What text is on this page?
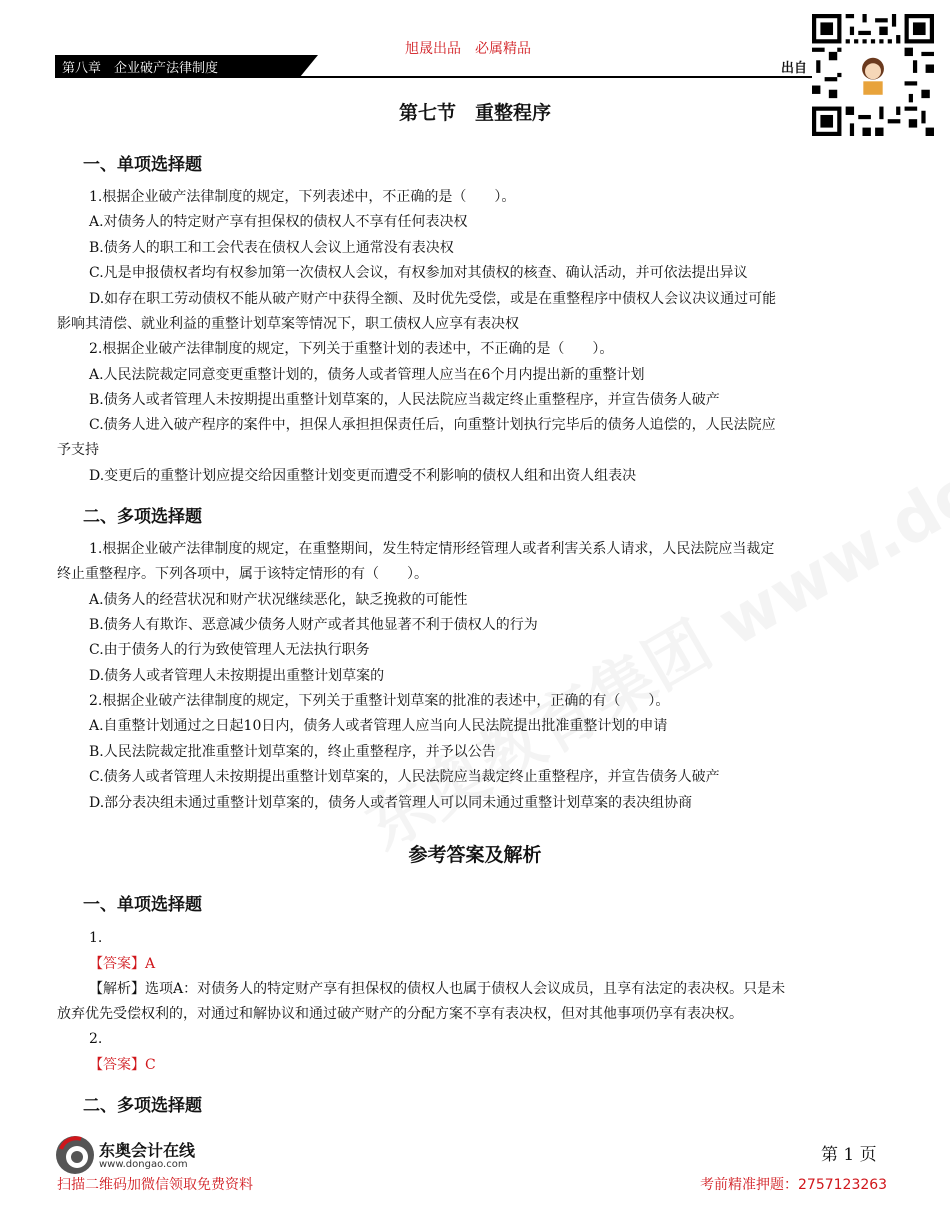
第八章　企业破产法律制度
旭晟出品　必属精品
出自
第七节　重整程序
一、单项选择题
1.根据企业破产法律制度的规定，下列表述中，不正确的是（　　）。
A.对债务人的特定财产享有担保权的债权人不享有任何表决权
B.债务人的职工和工会代表在债权人会议上通常没有表决权
C.凡是申报债权者均有权参加第一次债权人会议，有权参加对其债权的核查、确认活动，并可依法提出异议
D.如存在职工劳动债权不能从破产财产中获得全额、及时优先受偿，或是在重整程序中债权人会议决议通过可能
影响其清偿、就业利益的重整计划草案等情况下，职工债权人应享有表决权
2.根据企业破产法律制度的规定，下列关于重整计划的表述中，不正确的是（　　）。
A.人民法院裁定同意变更重整计划的，债务人或者管理人应当在6个月内提出新的重整计划
B.债务人或者管理人未按期提出重整计划草案的，人民法院应当裁定终止重整程序，并宣告债务人破产
C.债务人进入破产程序的案件中，担保人承担担保责任后，向重整计划执行完毕后的债务人追偿的，人民法院应
予支持
D.变更后的重整计划应提交给因重整计划变更而遭受不利影响的债权人组和出资人组表决
二、多项选择题
1.根据企业破产法律制度的规定，在重整期间，发生特定情形经管理人或者利害关系人请求，人民法院应当裁定
终止重整程序。下列各项中，属于该特定情形的有（　　）。
A.债务人的经营状况和财产状况继续恶化，缺乏挽救的可能性
B.债务人有欺诈、恶意减少债务人财产或者其他显著不利于债权人的行为
C.由于债务人的行为致使管理人无法执行职务
D.债务人或者管理人未按期提出重整计划草案的
2.根据企业破产法律制度的规定，下列关于重整计划草案的批准的表述中，正确的有（　　）。
A.自重整计划通过之日起10日内，债务人或者管理人应当向人民法院提出批准重整计划的申请
B.人民法院裁定批准重整计划草案的，终止重整程序，并予以公告
C.债务人或者管理人未按期提出重整计划草案的，人民法院应当裁定终止重整程序，并宣告债务人破产
D.部分表决组未通过重整计划草案的，债务人或者管理人可以同未通过重整计划草案的表决组协商
参考答案及解析
一、单项选择题
1.
【答案】A
【解析】选项A：对债务人的特定财产享有担保权的债权人也属于债权人会议成员，且享有法定的表决权。只是未
放弃优先受偿权利的，对通过和解协议和通过破产财产的分配方案不享有表决权，但对其他事项仍享有表决权。
2.
【答案】C
二、多项选择题
东奥会计在线
www.dongao.com	第 1 页
扫描二维码加微信领取免费资料	考前精准押题：2757123263
